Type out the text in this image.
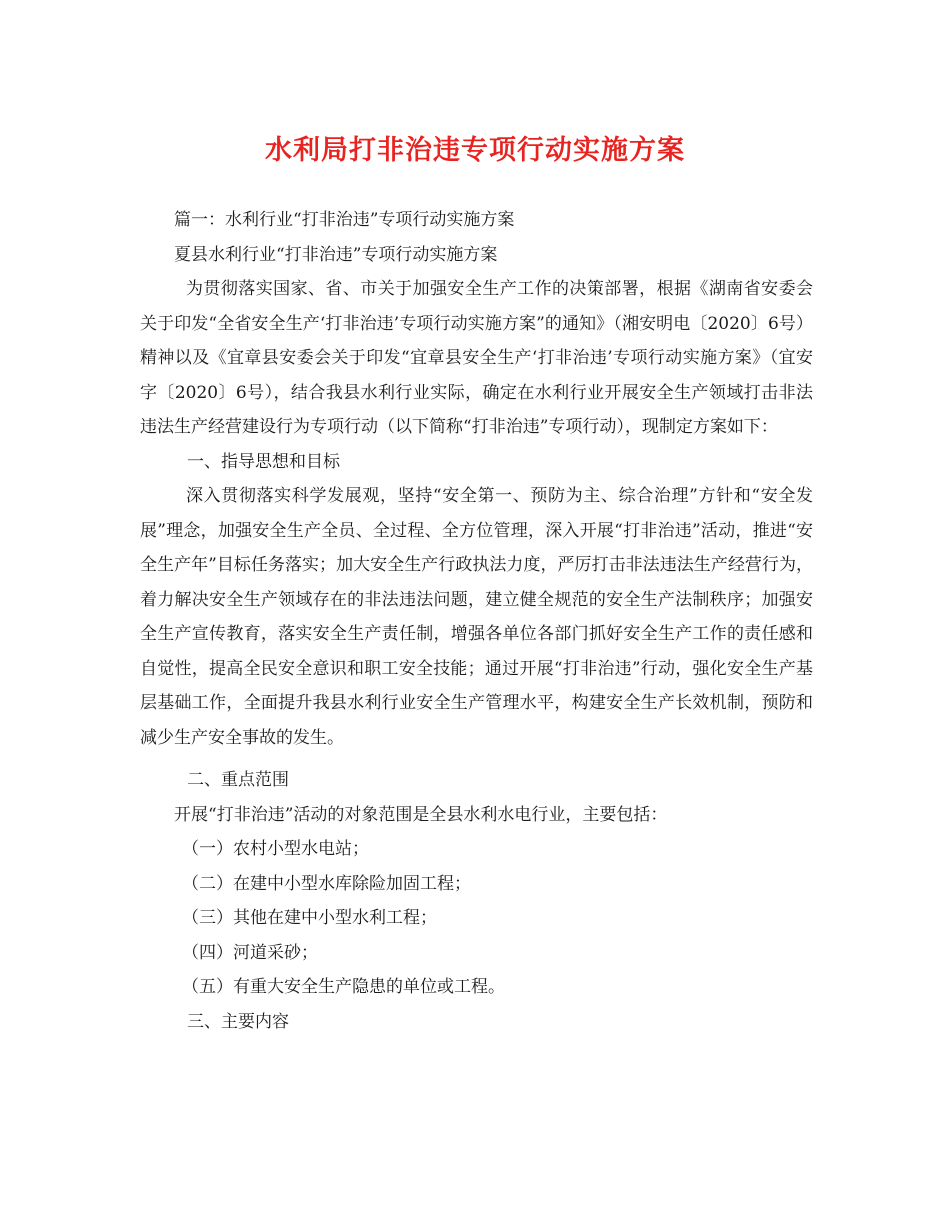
水利局打非治违专项行动实施方案

篇一：水利行业“打非治违”专项行动实施方案

夏县水利行业“打非治违”专项行动实施方案

为贯彻落实国家、省、市关于加强安全生产工作的决策部署，根据《湖南省安委会关于印发“全省安全生产‘打非治违’专项行动实施方案”的通知》（湘安明电〔2020〕6号）精神以及《宜章县安委会关于印发“宜章县安全生产‘打非治违’专项行动实施方案》（宜安字〔2020〕6号），结合我县水利行业实际，确定在水利行业开展安全生产领域打击非法违法生产经营建设行为专项行动（以下简称“打非治违”专项行动），现制定方案如下：

一、指导思想和目标

深入贯彻落实科学发展观，坚持“安全第一、预防为主、综合治理”方针和“安全发展”理念，加强安全生产全员、全过程、全方位管理，深入开展“打非治违”活动，推进“安全生产年”目标任务落实；加大安全生产行政执法力度，严厉打击非法违法生产经营行为，着力解决安全生产领域存在的非法违法问题，建立健全规范的安全生产法制秩序；加强安全生产宣传教育，落实安全生产责任制，增强各单位各部门抓好安全生产工作的责任感和自觉性，提高全民安全意识和职工安全技能；通过开展“打非治违”行动，强化安全生产基层基础工作，全面提升我县水利行业安全生产管理水平，构建安全生产长效机制，预防和减少生产安全事故的发生。

二、重点范围

开展“打非治违”活动的对象范围是全县水利水电行业，主要包括：

（一）农村小型水电站；

（二）在建中小型水库除险加固工程；

（三）其他在建中小型水利工程；

（四）河道采砂；

（五）有重大安全生产隐患的单位或工程。

三、主要内容
